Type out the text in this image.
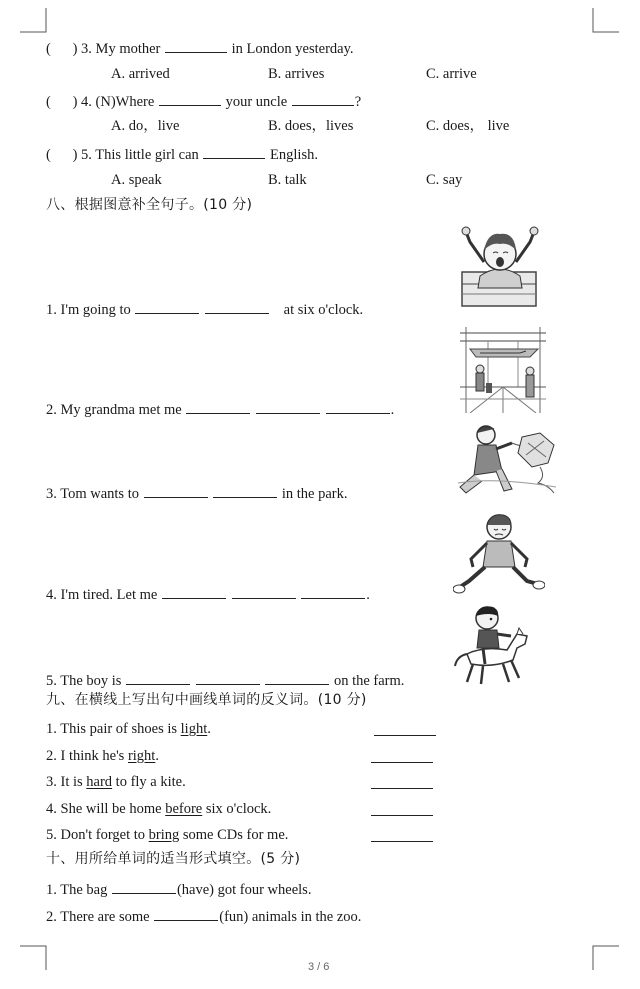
(      ) 3. My mother	in London yesterday.
A. arrived	B. arrives	C. arrive
(      ) 4. (N)Where	your uncle	?
A. do，live	B. does，lives	C. does， live
(      ) 5. This little girl can	English.
A. speak	B. talk	C. say
八、根据图意补全句子。(10 分)
1. I'm going to	at six o'clock.
2. My grandma met me	.
3. Tom wants to	in the park.
4. I'm tired. Let me	.
5. The boy is	on the farm.
九、在横线上写出句中画线单词的反义词。(10 分)
1. This pair of shoes is light.
2. I think he's right.
3. It is hard to fly a kite.
4. She will be home before six o'clock.
5. Don't forget to bring some CDs for me.
十、用所给单词的适当形式填空。(5 分)
1. The bag	(have) got four wheels.
2. There are some	(fun) animals in the zoo.
3 / 6
